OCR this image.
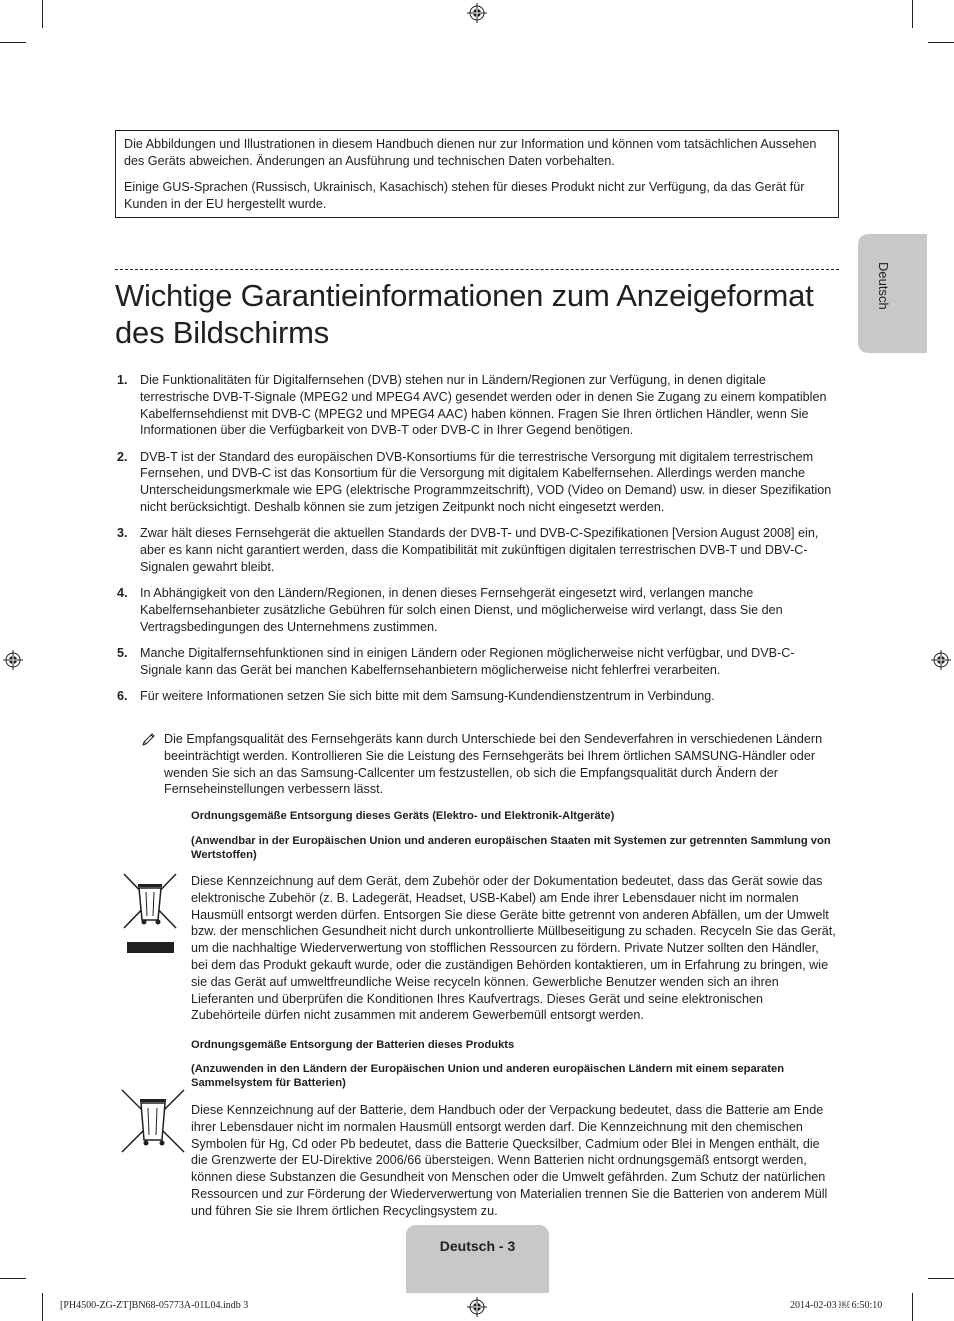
Die Abbildungen und Illustrationen in diesem Handbuch dienen nur zur Information und können vom tatsächlichen Aussehen des Geräts abweichen. Änderungen an Ausführung und technischen Daten vorbehalten.

Einige GUS-Sprachen (Russisch, Ukrainisch, Kasachisch) stehen für dieses Produkt nicht zur Verfügung, da das Gerät für Kunden in der EU hergestellt wurde.

Deutsch
Wichtige Garantieinformationen zum Anzeigeformat des Bildschirms
1. Die Funktionalitäten für Digitalfernsehen (DVB) stehen nur in Ländern/Regionen zur Verfügung, in denen digitale terrestrische DVB-T-Signale (MPEG2 und MPEG4 AVC) gesendet werden oder in denen Sie Zugang zu einem kompatiblen Kabelfernsehdienst mit DVB-C (MPEG2 und MPEG4 AAC) haben können. Fragen Sie Ihren örtlichen Händler, wenn Sie Informationen über die Verfügbarkeit von DVB-T oder DVB-C in Ihrer Gegend benötigen.
2. DVB-T ist der Standard des europäischen DVB-Konsortiums für die terrestrische Versorgung mit digitalem terrestrischem Fernsehen, und DVB-C ist das Konsortium für die Versorgung mit digitalem Kabelfernsehen. Allerdings werden manche Unterscheidungsmerkmale wie EPG (elektrische Programmzeitschrift), VOD (Video on Demand) usw. in dieser Spezifikation nicht berücksichtigt. Deshalb können sie zum jetzigen Zeitpunkt noch nicht eingesetzt werden.
3. Zwar hält dieses Fernsehgerät die aktuellen Standards der DVB-T- und DVB-C-Spezifikationen [Version August 2008] ein, aber es kann nicht garantiert werden, dass die Kompatibilität mit zukünftigen digitalen terrestrischen DVB-T und DBV-C-Signalen gewahrt bleibt.
4. In Abhängigkeit von den Ländern/Regionen, in denen dieses Fernsehgerät eingesetzt wird, verlangen manche Kabelfernsehanbieter zusätzliche Gebühren für solch einen Dienst, und möglicherweise wird verlangt, dass Sie den Vertragsbedingungen des Unternehmens zustimmen.
5. Manche Digitalfernsehfunktionen sind in einigen Ländern oder Regionen möglicherweise nicht verfügbar, und DVB-C-Signale kann das Gerät bei manchen Kabelfernsehanbietern möglicherweise nicht fehlerfrei verarbeiten.
6. Für weitere Informationen setzen Sie sich bitte mit dem Samsung-Kundendienstzentrum in Verbindung.
Die Empfangsqualität des Fernsehgeräts kann durch Unterschiede bei den Sendeverfahren in verschiedenen Ländern beeinträchtigt werden. Kontrollieren Sie die Leistung des Fernsehgeräts bei Ihrem örtlichen SAMSUNG-Händler oder wenden Sie sich an das Samsung-Callcenter um festzustellen, ob sich die Empfangsqualität durch Ändern der Fernseheinstellungen verbessern lässt.
Ordnungsgemäße Entsorgung dieses Geräts (Elektro- und Elektronik-Altgeräte)
(Anwendbar in der Europäischen Union und anderen europäischen Staaten mit Systemen zur getrennten Sammlung von Wertstoffen)
Diese Kennzeichnung auf dem Gerät, dem Zubehör oder der Dokumentation bedeutet, dass das Gerät sowie das elektronische Zubehör (z. B. Ladegerät, Headset, USB-Kabel) am Ende ihrer Lebensdauer nicht im normalen Hausmüll entsorgt werden dürfen. Entsorgen Sie diese Geräte bitte getrennt von anderen Abfällen, um der Umwelt bzw. der menschlichen Gesundheit nicht durch unkontrollierte Müllbeseitigung zu schaden. Recyceln Sie das Gerät, um die nachhaltige Wiederverwertung von stofflichen Ressourcen zu fördern. Private Nutzer sollten den Händler, bei dem das Produkt gekauft wurde, oder die zuständigen Behörden kontaktieren, um in Erfahrung zu bringen, wie sie das Gerät auf umweltfreundliche Weise recyceln können. Gewerbliche Benutzer wenden sich an ihren Lieferanten und überprüfen die Konditionen Ihres Kaufvertrags. Dieses Gerät und seine elektronischen Zubehörteile dürfen nicht zusammen mit anderem Gewerbemüll entsorgt werden.
Ordnungsgemäße Entsorgung der Batterien dieses Produkts
(Anzuwenden in den Ländern der Europäischen Union und anderen europäischen Ländern mit einem separaten Sammelsystem für Batterien)
Diese Kennzeichnung auf der Batterie, dem Handbuch oder der Verpackung bedeutet, dass die Batterie am Ende ihrer Lebensdauer nicht im normalen Hausmüll entsorgt werden darf. Die Kennzeichnung mit den chemischen Symbolen für Hg, Cd oder Pb bedeutet, dass die Batterie Quecksilber, Cadmium oder Blei in Mengen enthält, die die Grenzwerte der EU-Direktive 2006/66 übersteigen. Wenn Batterien nicht ordnungsgemäß entsorgt werden, können diese Substanzen die Gesundheit von Menschen oder die Umwelt gefährden. Zum Schutz der natürlichen Ressourcen und zur Förderung der Wiederverwertung von Materialien trennen Sie die Batterien von anderem Müll und führen Sie sie Ihrem örtlichen Recyclingsystem zu.
Deutsch - 3
[PH4500-ZG-ZT]BN68-05773A-01L04.indb 3	2014-02-03 ￼ 6:50:10
